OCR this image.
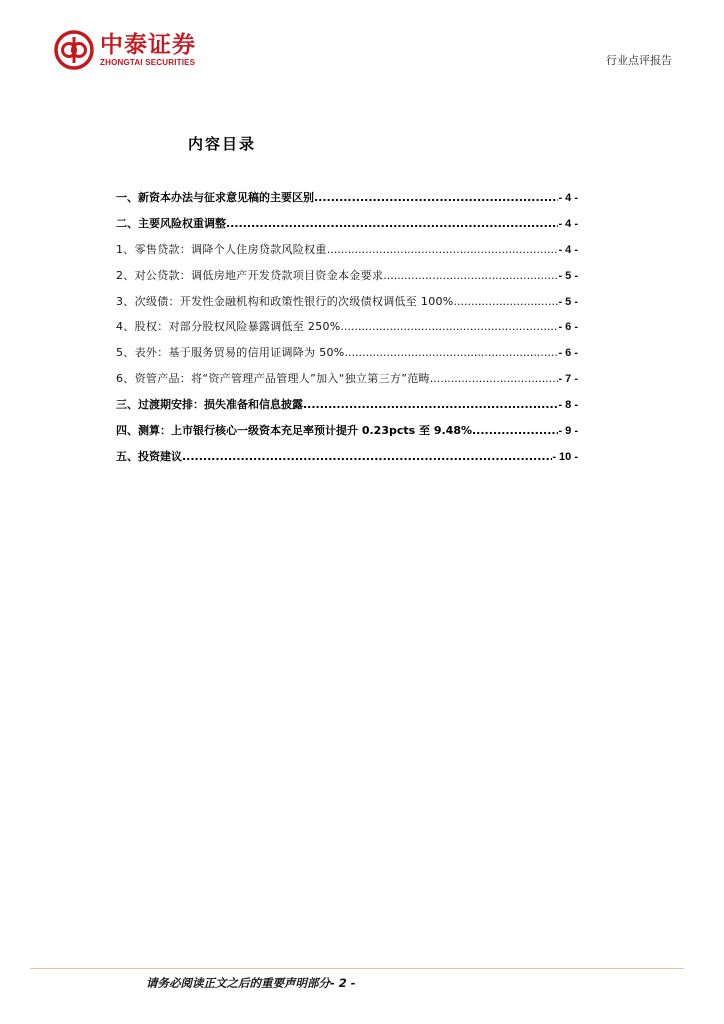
中泰证券
ZHONGTAI SECURITIES	行业点评报告
内容目录
一、新资本办法与征求意见稿的主要区别 .....	- 4 -
二、主要风险权重调整 .....	- 4 -
1、零售贷款：调降个人住房贷款风险权重 .....	- 4 -
2、对公贷款：调低房地产开发贷款项目资金本金要求 .....	- 5 -
3、次级债：开发性金融机构和政策性银行的次级债权调低至 100% .....	- 5 -
4、股权：对部分股权风险暴露调低至 250% .....	- 6 -
5、表外：基于服务贸易的信用证调降为 50% .....	- 6 -
6、资管产品：将“资产管理产品管理人”加入“独立第三方”范畴 .....	- 7 -
三、过渡期安排：损失准备和信息披露 .....	- 8 -
四、测算：上市银行核心一级资本充足率预计提升 0.23pcts 至 9.48% .....	- 9 -
五、投资建议 .....	- 10 -
请务必阅读正文之后的重要声明部分- 2 -
